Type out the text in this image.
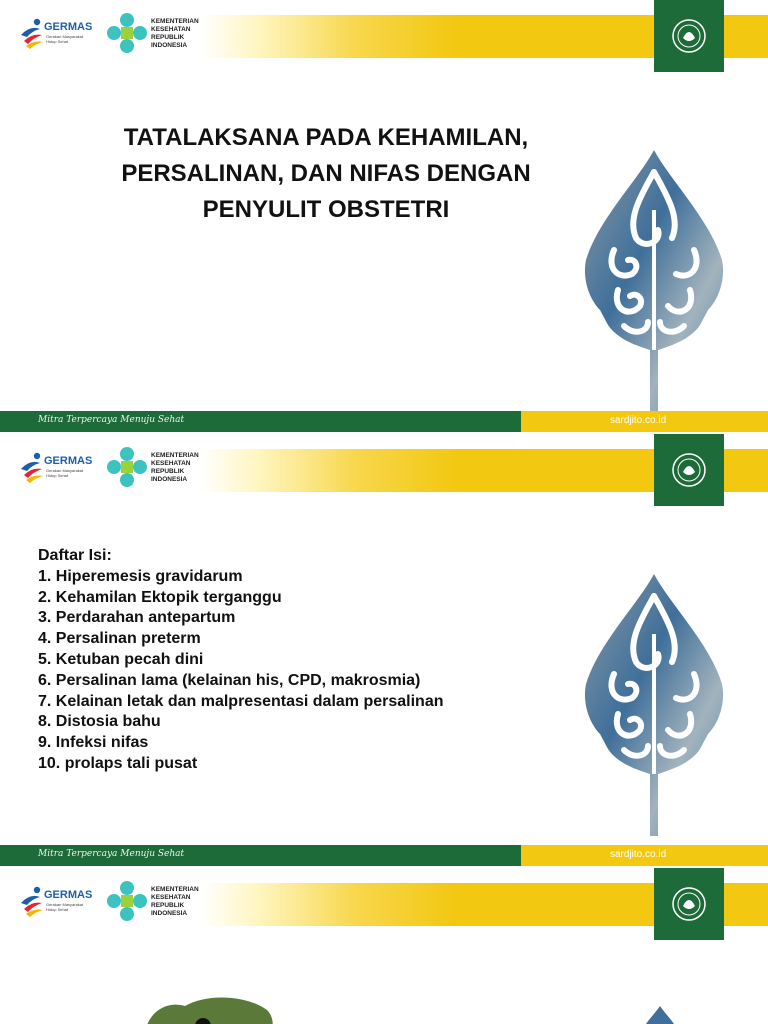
GERMAS
Gerakan Masyarakat Hidup Sehat
KEMENTERIAN
KESEHATAN
REPUBLIK
INDONESIA
TATALAKSANA PADA KEHAMILAN, PERSALINAN, DAN NIFAS DENGAN PENYULIT OBSTETRI
Mitra Terpercaya Menuju Sehat	sardjito.co.id
GERMAS
Gerakan Masyarakat Hidup Sehat
KEMENTERIAN
KESEHATAN
REPUBLIK
INDONESIA
Daftar Isi:
1. Hiperemesis gravidarum
2. Kehamilan Ektopik terganggu
3. Perdarahan antepartum
4. Persalinan preterm
5. Ketuban pecah dini
6. Persalinan lama (kelainan his, CPD, makrosmia)
7. Kelainan letak dan malpresentasi dalam persalinan
8. Distosia bahu
9. Infeksi nifas
10. prolaps tali pusat
Mitra Terpercaya Menuju Sehat	sardjito.co.id
GERMAS
Gerakan Masyarakat Hidup Sehat
KEMENTERIAN
KESEHATAN
REPUBLIK
INDONESIA
